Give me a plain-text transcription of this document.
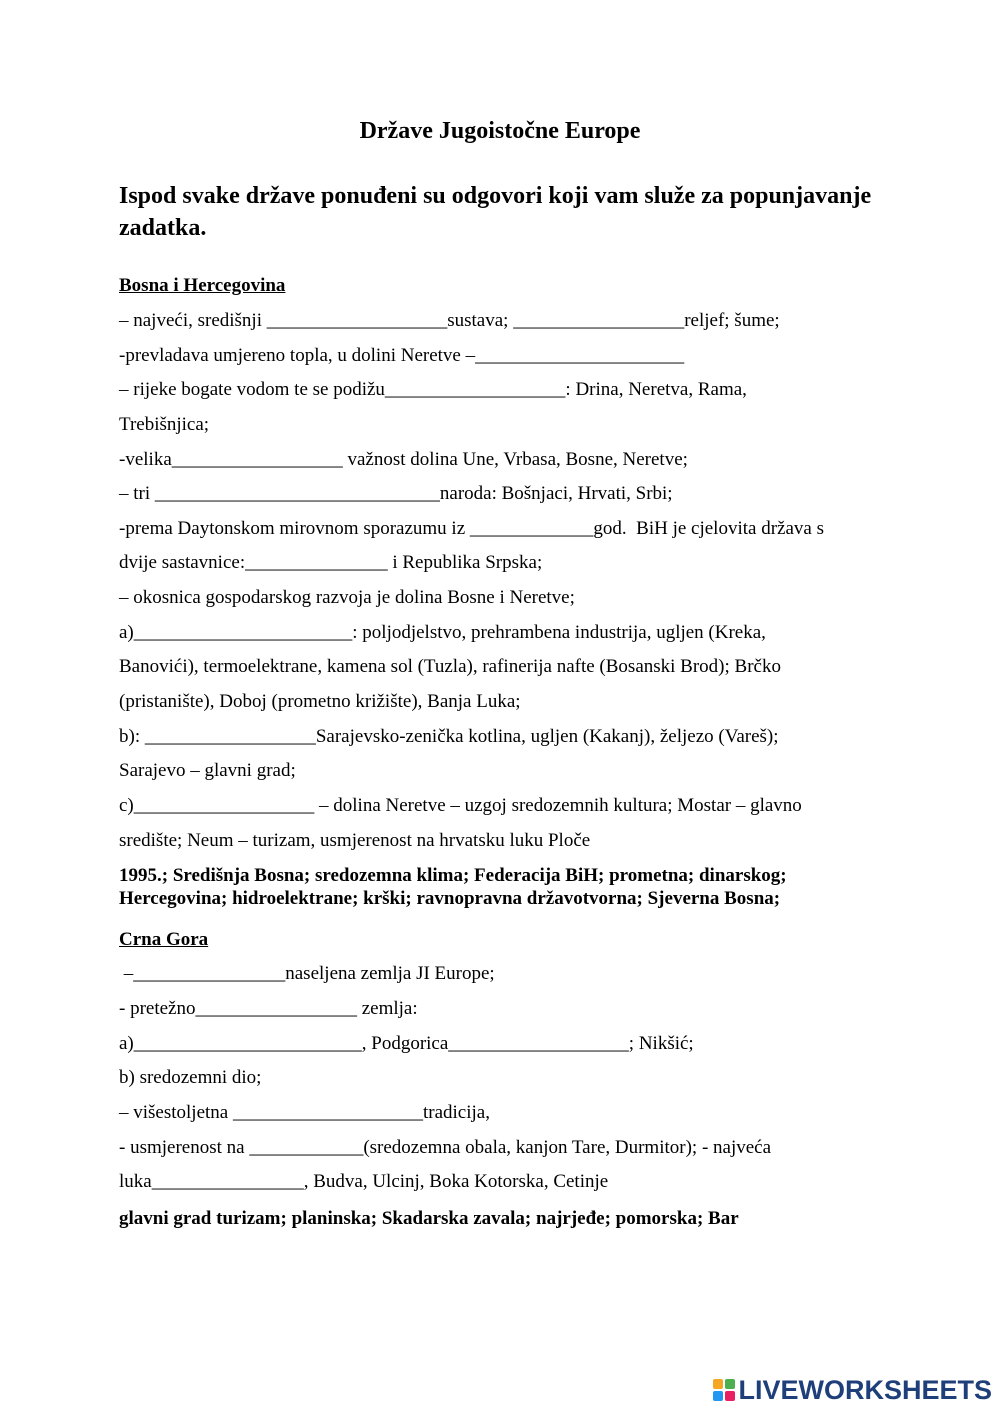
Države Jugoistočne Europe
Ispod svake države ponuđeni su odgovori koji vam služe za popunjavanje zadatka.
Bosna i Hercegovina
– najveći, središnji ___________________sustava; __________________reljef; šume;
-prevladava umjereno topla, u dolini Neretve –______________________
– rijeke bogate vodom te se podižu___________________: Drina, Neretva, Rama,
Trebišnjica;
-velika__________________ važnost dolina Une, Vrbasa, Bosne, Neretve;
– tri ______________________________naroda: Bošnjaci, Hrvati, Srbi;
-prema Daytonskom mirovnom sporazumu iz _____________god.  BiH je cjelovita država s
dvije sastavnice:_______________ i Republika Srpska;
– okosnica gospodarskog razvoja je dolina Bosne i Neretve;
a)_______________________: poljodjelstvo, prehrambena industrija, ugljen (Kreka,
Banovići), termoelektrane, kamena sol (Tuzla), rafinerija nafte (Bosanski Brod); Brčko
(pristanište), Doboj (prometno križište), Banja Luka;
b): __________________Sarajevsko-zenička kotlina, ugljen (Kakanj), željezo (Vareš);
Sarajevo – glavni grad;
c)___________________ – dolina Neretve – uzgoj sredozemnih kultura; Mostar – glavno
središte; Neum – turizam, usmjerenost na hrvatsku luku Ploče
1995.; Središnja Bosna; sredozemna klima; Federacija BiH; prometna; dinarskog; Hercegovina; hidroelektrane; krški; ravnopravna državotvorna; Sjeverna Bosna;
Crna Gora
–________________naseljena zemlja JI Europe;
- pretežno_________________ zemlja:
a)________________________, Podgorica___________________; Nikšić;
b) sredozemni dio;
– višestoljetna ____________________tradicija,
- usmjerenost na ____________(sredozemna obala, kanjon Tare, Durmitor); - najveća
luka________________, Budva, Ulcinj, Boka Kotorska, Cetinje
glavni grad turizam; planinska; Skadarska zavala; najrjeđe; pomorska; Bar
LIVEWORKSHEETS
